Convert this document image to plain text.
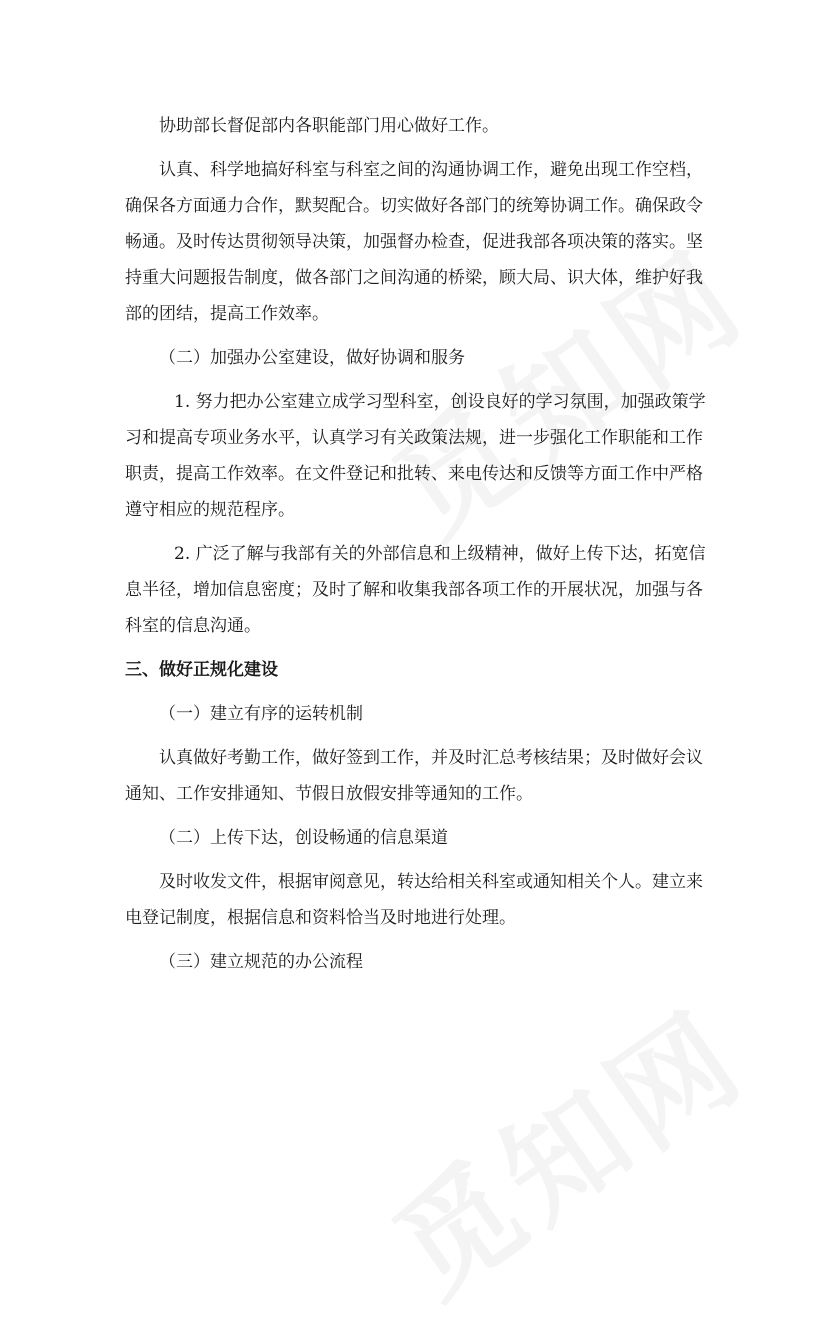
协助部长督促部内各职能部门用心做好工作。
认真、科学地搞好科室与科室之间的沟通协调工作，避免出现工作空档，
确保各方面通力合作，默契配合。切实做好各部门的统筹协调工作。确保政令
畅通。及时传达贯彻领导决策，加强督办检查，促进我部各项决策的落实。坚
持重大问题报告制度，做各部门之间沟通的桥梁，顾大局、识大体，维护好我
部的团结，提高工作效率。
（二）加强办公室建设，做好协调和服务
1. 努力把办公室建立成学习型科室，创设良好的学习氛围，加强政策学
习和提高专项业务水平，认真学习有关政策法规，进一步强化工作职能和工作
职责，提高工作效率。在文件登记和批转、来电传达和反馈等方面工作中严格
遵守相应的规范程序。
2. 广泛了解与我部有关的外部信息和上级精神，做好上传下达，拓宽信
息半径，增加信息密度；及时了解和收集我部各项工作的开展状况，加强与各
科室的信息沟通。
三、做好正规化建设
（一）建立有序的运转机制
认真做好考勤工作，做好签到工作，并及时汇总考核结果；及时做好会议
通知、工作安排通知、节假日放假安排等通知的工作。
（二）上传下达，创设畅通的信息渠道
及时收发文件，根据审阅意见，转达给相关科室或通知相关个人。建立来
电登记制度，根据信息和资料恰当及时地进行处理。
（三）建立规范的办公流程
